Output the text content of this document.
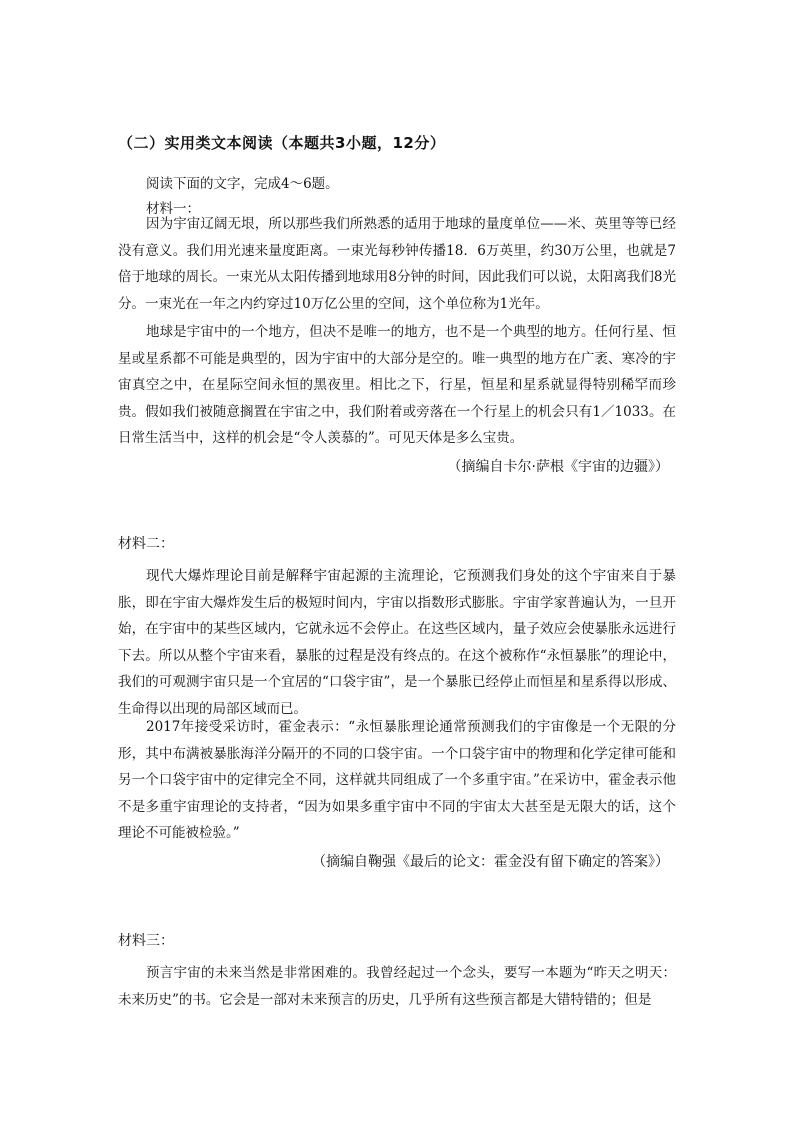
（二）实用类文本阅读（本题共3小题，12分）
阅读下面的文字，完成4～6题。
材料一：
因为宇宙辽阔无垠，所以那些我们所熟悉的适用于地球的量度单位——米、英里等等已经没有意义。我们用光速来量度距离。一束光每秒钟传播18．6万英里，约30万公里，也就是7倍于地球的周长。一束光从太阳传播到地球用8分钟的时间，因此我们可以说，太阳离我们8光分。一束光在一年之内约穿过10万亿公里的空间，这个单位称为1光年。
地球是宇宙中的一个地方，但决不是唯一的地方，也不是一个典型的地方。任何行星、恒星或星系都不可能是典型的，因为宇宙中的大部分是空的。唯一典型的地方在广袤、寒冷的宇宙真空之中，在星际空间永恒的黑夜里。相比之下，行星，恒星和星系就显得特别稀罕而珍贵。假如我们被随意搁置在宇宙之中，我们附着或旁落在一个行星上的机会只有1／1033。在日常生活当中，这样的机会是“令人羡慕的”。可见天体是多么宝贵。
（摘编自卡尔·萨根《宇宙的边疆》）
材料二：
现代大爆炸理论目前是解释宇宙起源的主流理论，它预测我们身处的这个宇宙来自于暴胀，即在宇宙大爆炸发生后的极短时间内，宇宙以指数形式膨胀。宇宙学家普遍认为，一旦开始，在宇宙中的某些区域内，它就永远不会停止。在这些区域内，量子效应会使暴胀永远进行下去。所以从整个宇宙来看，暴胀的过程是没有终点的。在这个被称作“永恒暴胀”的理论中，我们的可观测宇宙只是一个宜居的“口袋宇宙”，是一个暴胀已经停止而恒星和星系得以形成、生命得以出现的局部区域而已。
2017年接受采访时，霍金表示：“永恒暴胀理论通常预测我们的宇宙像是一个无限的分形，其中布满被暴胀海洋分隔开的不同的口袋宇宙。一个口袋宇宙中的物理和化学定律可能和另一个口袋宇宙中的定律完全不同，这样就共同组成了一个多重宇宙。”在采访中，霍金表示他不是多重宇宙理论的支持者，“因为如果多重宇宙中不同的宇宙太大甚至是无限大的话，这个理论不可能被检验。”
（摘编自鞠强《最后的论文：霍金没有留下确定的答案》）
材料三：
预言宇宙的未来当然是非常困难的。我曾经起过一个念头，要写一本题为“昨天之明天：未来历史”的书。它会是一部对未来预言的历史，几乎所有这些预言都是大错特错的；但是
